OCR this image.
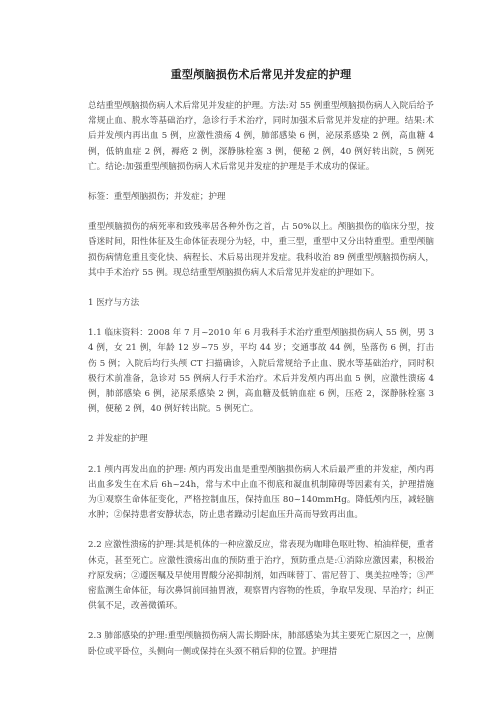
重型颅脑损伤术后常见并发症的护理

总结重型颅脑损伤病人术后常见并发症的护理。方法:对 55 例重型颅脑损伤病人入院后给予常规止血、脱水等基础治疗，急诊行手术治疗，同时加强术后常见并发症的护理。结果:术后并发颅内再出血 5 例，应激性溃疡 4 例，肺部感染 6 例，泌尿系感染 2 例，高血糖 4 例，低钠血症 2 例，褥疮 2 例，深静脉栓塞 3 例，便秘 2 例，40 例好转出院，5 例死亡。结论:加强重型颅脑损伤病人术后常见并发症的护理是手术成功的保证。

标签：重型颅脑损伤；并发症；护理

重型颅脑损伤的病死率和致残率居各种外伤之首，占 50%以上。颅脑损伤的临床分型，按昏迷时间，阳性体征及生命体征表现分为轻，中，重三型，重型中又分出特重型。重型颅脑损伤病情危重且变化快、病程长、术后易出现并发症。我科收治 89 例重型颅脑损伤病人，其中手术治疗 55 例。现总结重型颅脑损伤病人术后常见并发症的护理如下。

1 医疗与方法

1.1 临床资料：2008 年 7 月~2010 年 6 月我科手术治疗重型颅脑损伤病人 55 例，男 34 例，女 21 例，年龄 12 岁~75 岁，平均 44 岁；交通事故 44 例，坠落伤 6 例，打击伤 5 例；入院后均行头颅 CT 扫描确诊，入院后常规给予止血、脱水等基础治疗，同时积极行术前准备，急诊对 55 例病人行手术治疗。术后并发颅内再出血 5 例，应激性溃疡 4 例，肺部感染 6 例，泌尿系感染 2 例，高血糖及低钠血症 6 例，压疮 2，深静脉栓塞 3 例，便秘 2 例，40 例好转出院。5 例死亡。

2 并发症的护理

2.1 颅内再发出血的护理: 颅内再发出血是重型颅脑损伤病人术后最严重的并发症，颅内再出血多发生在术后 6h~24h，常与术中止血不彻底和凝血机制障碍等因素有关，护理措施为①观察生命体征变化，严格控制血压，保持血压 80~140mmHg。降低颅内压，减轻脑水肿；②保持患者安静状态，防止患者躁动引起血压升高而导致再出血。

2.2 应激性溃疡的护理:其是机体的一种应激反应，常表现为咖啡色呕吐物、柏油样便，重者休克，甚至死亡。应激性溃疡出血的预防重于治疗，预防重点是:①消除应激因素，积极治疗原发病；②遵医嘱及早使用胃酸分泌抑制剂，如西咪替丁、雷尼替丁、奥美拉唑等；③严密监测生命体征，每次鼻饲前回抽胃液，观察胃内容物的性质，争取早发现、早治疗；纠正供氧不足，改善微循环。

2.3 肺部感染的护理:重型颅脑损伤病人需长期卧床，肺部感染为其主要死亡原因之一，应侧卧位或平卧位，头侧向一侧或保持在头颈不稍后仰的位置。护理措
